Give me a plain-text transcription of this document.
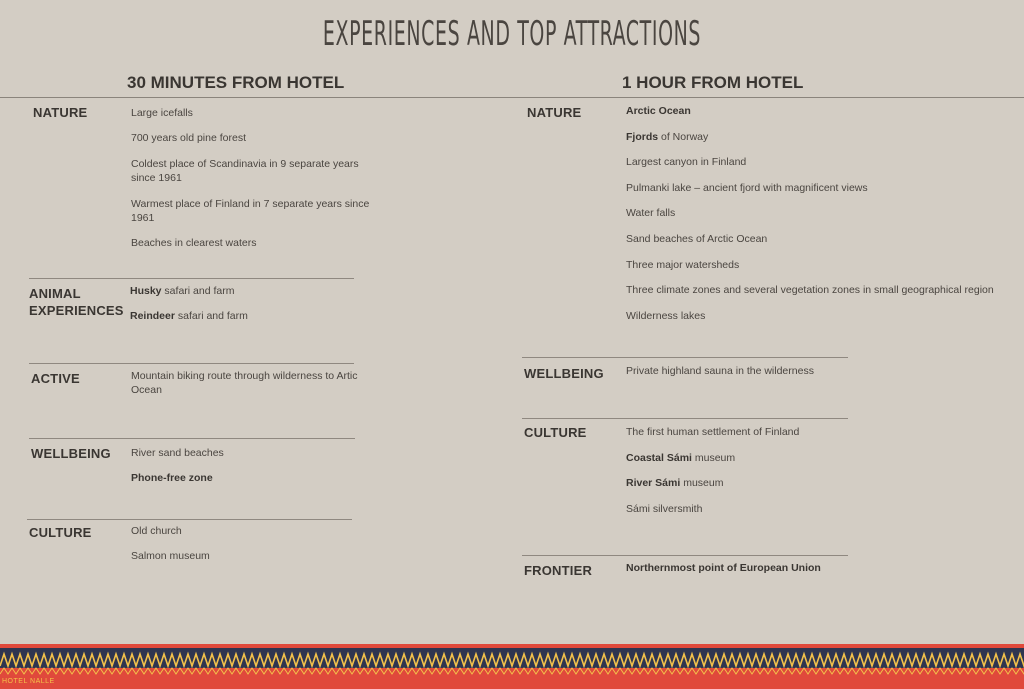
EXPERIENCES AND TOP ATTRACTIONS
30 MINUTES FROM HOTEL	1 HOUR FROM HOTEL
NATURE	Large icefalls
700 years old pine forest
Coldest place of Scandinavia in 9 separate years since 1961
Warmest place of Finland in 7 separate years since 1961
Beaches in clearest waters
ANIMAL EXPERIENCES
Husky safari and farm
Reindeer safari and farm
ACTIVE	Mountain biking route through wilderness to Artic Ocean
WELLBEING River sand beaches
Phone-free zone
CULTURE	Old church
Salmon museum
NATURE	Arctic Ocean
Fjords of Norway
Largest canyon in Finland
Pulmanki lake – ancient fjord with magnificent views
Water falls
Sand beaches of Arctic Ocean
Three major watersheds
Three climate zones and several vegetation zones in small geographical region
Wilderness lakes
WELLBEING Private highland sauna in the wilderness
CULTURE	The first human settlement of Finland
Coastal Sámi museum
River Sámi museum
Sámi silversmith
FRONTIER	Northernmost point of European Union
HOTEL NALLE
